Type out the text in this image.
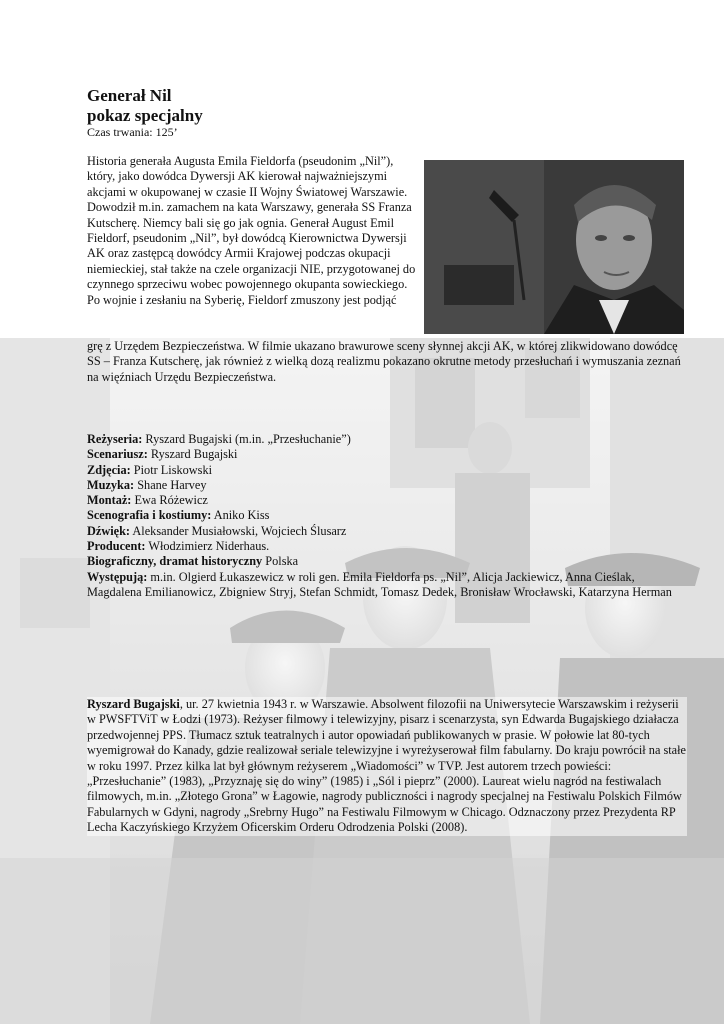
Generał Nil
pokaz specjalny
Czas trwania: 125’
Historia generała Augusta Emila Fieldorfa (pseudonim „Nil”), który, jako dowódca Dywersji AK kierował najważniejszymi akcjami w okupowanej w czasie II Wojny Światowej Warszawie. Dowodził m.in. zamachem na kata Warszawy, generała SS Franza Kutscherę. Niemcy bali się go jak ognia. Generał August Emil Fieldorf, pseudonim „Nil”, był dowódcą Kierownictwa Dywersji AK oraz zastępcą dowódcy Armii Krajowej podczas okupacji niemieckiej, stał także na czele organizacji NIE, przygotowanej do czynnego sprzeciwu wobec powojennego okupanta sowieckiego. Po wojnie i zesłaniu na Syberię, Fieldorf zmuszony jest podjąć
grę z Urzędem Bezpieczeństwa. W filmie ukazano brawurowe sceny słynnej akcji AK, w której zlikwidowano dowódcę SS – Franza Kutscherę, jak również z wielką dozą realizmu pokazano okrutne metody przesłuchań i wymuszania zeznań na więźniach Urzędu Bezpieczeństwa.
Reżyseria: Ryszard Bugajski (m.in. „Przesłuchanie”)
Scenariusz: Ryszard Bugajski
Zdjęcia: Piotr Liskowski
Muzyka: Shane Harvey
Montaż: Ewa Różewicz
Scenografia i kostiumy: Aniko Kiss
Dźwięk: Aleksander Musiałowski, Wojciech Ślusarz
Producent: Włodzimierz Niderhaus.
Biograficzny, dramat historyczny Polska
Występują: m.in. Olgierd Łukaszewicz w roli gen. Emila Fieldorfa ps. „Nil”, Alicja Jackiewicz, Anna Cieślak, Magdalena Emilianowicz, Zbigniew Stryj, Stefan Schmidt, Tomasz Dedek, Bronisław Wrocławski, Katarzyna Herman
Ryszard Bugajski, ur. 27 kwietnia 1943 r. w Warszawie. Absolwent filozofii na Uniwersytecie Warszawskim i reżyserii w PWSFTViT w Łodzi (1973). Reżyser filmowy i telewizyjny, pisarz i scenarzysta, syn Edwarda Bugajskiego działacza przedwojennej PPS. Tłumacz sztuk teatralnych i autor opowiadań publikowanych w prasie. W połowie lat 80-tych wyemigrował do Kanady, gdzie realizował seriale telewizyjne i wyreżyserował film fabularny. Do kraju powrócił na stałe w roku 1997. Przez kilka lat był głównym reżyserem „Wiadomości” w TVP. Jest autorem trzech powieści: „Przesłuchanie” (1983), „Przyznaję się do winy” (1985) i „Sól i pieprz” (2000). Laureat wielu nagród na festiwalach filmowych, m.in. „Złotego Grona” w Łagowie, nagrody publiczności i nagrody specjalnej na Festiwalu Polskich Filmów Fabularnych w Gdyni, nagrody „Srebrny Hugo” na Festiwalu Filmowym w Chicago. Odznaczony przez Prezydenta RP Lecha Kaczyńskiego Krzyżem Oficerskim Orderu Odrodzenia Polski (2008).
